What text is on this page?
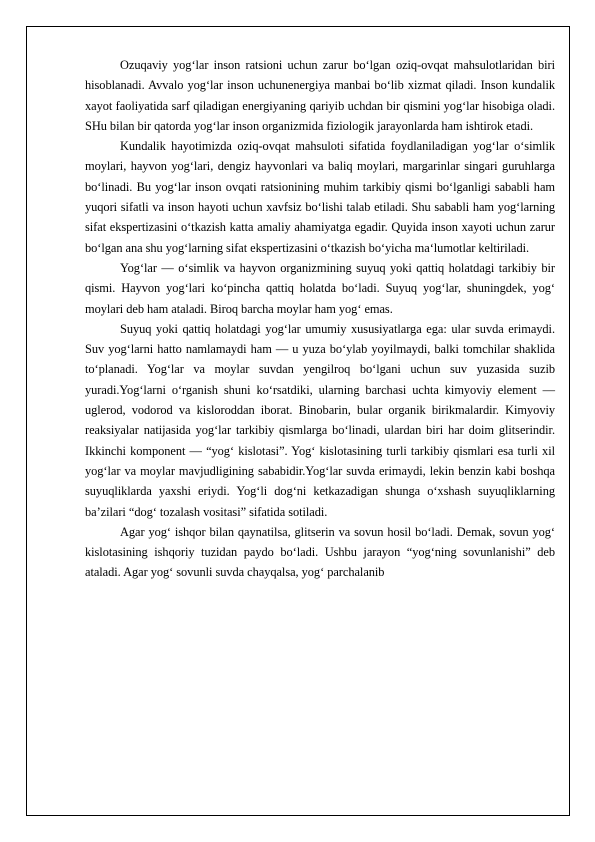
Ozuqaviy yog‘lar inson ratsioni uchun zarur bo‘lgan oziq-ovqat mahsulotlaridan biri hisoblanadi. Avvalo yog‘lar inson uchunenergiya manbai bo‘lib xizmat qiladi. Inson kundalik xayot faoliyatida sarf qiladigan energiyaning qariyib uchdan bir qismini yog‘lar hisobiga oladi. SHu bilan bir qatorda yog‘lar inson organizmida fiziologik jarayonlarda ham ishtirok etadi.

Kundalik hayotimizda oziq-ovqat mahsuloti sifatida foydlaniladigan yog‘lar o‘simlik moylari, hayvon yog‘lari, dengiz hayvonlari va baliq moylari, margarinlar singari guruhlarga bo‘linadi. Bu yog‘lar inson ovqati ratsionining muhim tarkibiy qismi bo‘lganligi sababli ham yuqori sifatli va inson hayoti uchun xavfsiz bo‘lishi talab etiladi. Shu sababli ham yog‘larning sifat ekspertizasini o‘tkazish katta amaliy ahamiyatga egadir. Quyida inson xayoti uchun zarur bo‘lgan ana shu yog‘larning sifat ekspertizasini o‘tkazish bo‘yicha ma‘lumotlar keltiriladi.

Yog‘lar — o‘simlik va hayvon organizmining suyuq yoki qattiq holatdagi tarkibiy bir qismi. Hayvon yog‘lari ko‘pincha qattiq holatda bo‘ladi. Suyuq yog‘lar, shuningdek, yog‘ moylari deb ham ataladi. Biroq barcha moylar ham yog‘ emas.

Suyuq yoki qattiq holatdagi yog‘lar umumiy xususiyatlarga ega: ular suvda erimaydi. Suv yog‘larni hatto namlamaydi ham — u yuza bo‘ylab yoyilmaydi, balki tomchilar shaklida to‘planadi. Yog‘lar va moylar suvdan yengilroq bo‘lgani uchun suv yuzasida suzib yuradi.Yog‘larni o‘rganish shuni ko‘rsatdiki, ularning barchasi uchta kimyoviy element — uglerod, vodorod va kisloroddan iborat. Binobarin, bular organik birikmalardir. Kimyoviy reaksiyalar natijasida yog‘lar tarkibiy qismlarga bo‘linadi, ulardan biri har doim glitserindir. Ikkinchi komponent — “yog‘ kislotasi”. Yog‘ kislotasining turli tarkibiy qismlari esa turli xil yog‘lar va moylar mavjudligining sababidir.Yog‘lar suvda erimaydi, lekin benzin kabi boshqa suyuqliklarda yaxshi eriydi. Yog‘li dog‘ni ketkazadigan shunga o‘xshash suyuqliklarning ba’zilari “dog‘ tozalash vositasi” sifatida sotiladi.

Agar yog‘ ishqor bilan qaynatilsa, glitserin va sovun hosil bo‘ladi. Demak, sovun yog‘ kislotasining ishqoriy tuzidan paydo bo‘ladi. Ushbu jarayon “yog‘ning sovunlanishi” deb ataladi. Agar yog‘ sovunli suvda chayqalsa, yog‘ parchalanib
